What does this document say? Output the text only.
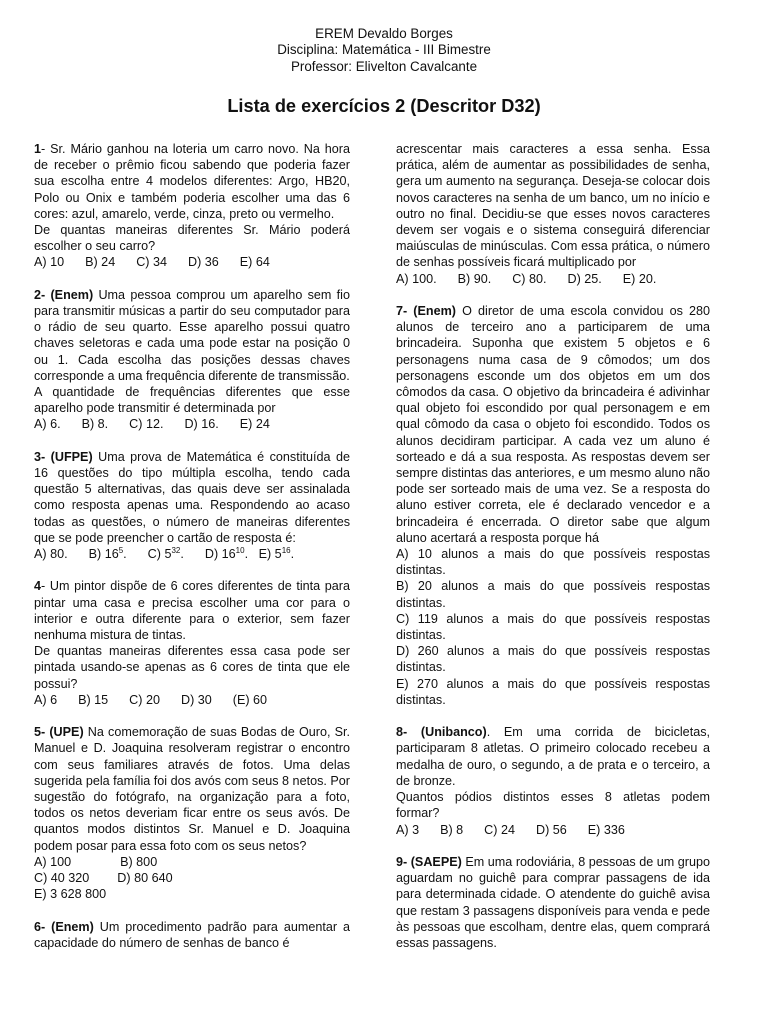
EREM Devaldo Borges
Disciplina: Matemática - III Bimestre
Professor: Elivelton Cavalcante
Lista de exercícios 2 (Descritor D32)

1- Sr. Mário ganhou na loteria um carro novo. Na hora de receber o prêmio ficou sabendo que poderia fazer sua escolha entre 4 modelos diferentes: Argo, HB20, Polo ou Onix e também poderia escolher uma das 6 cores: azul, amarelo, verde, cinza, preto ou vermelho.

De quantas maneiras diferentes Sr. Mário poderá escolher o seu carro?

A) 10      B) 24      C) 34      D) 36      E) 64

2- (Enem) Uma pessoa comprou um aparelho sem fio para transmitir músicas a partir do seu computador para o rádio de seu quarto. Esse aparelho possui quatro chaves seletoras e cada uma pode estar na posição 0 ou 1. Cada escolha das posições dessas chaves corresponde a uma frequência diferente de transmissão.

A quantidade de frequências diferentes que esse aparelho pode transmitir é determinada por

A) 6.      B) 8.      C) 12.      D) 16.      E) 24

3- (UFPE) Uma prova de Matemática é constituída de 16 questões do tipo múltipla escolha, tendo cada questão 5 alternativas, das quais deve ser assinalada como resposta apenas uma. Respondendo ao acaso todas as questões, o número de maneiras diferentes que se pode preencher o cartão de resposta é:

A) 80. B) $16^5$.      C) $5^{32}$.      D) $16^{10}$.   E) $5^{16}$.

4- Um pintor dispõe de 6 cores diferentes de tinta para pintar uma casa e precisa escolher uma cor para o interior e outra diferente para o exterior, sem fazer nenhuma mistura de tintas.

De quantas maneiras diferentes essa casa pode ser pintada usando-se apenas as 6 cores de tinta que ele possui?

A) 6      B) 15      C) 20      D) 30      (E) 60

5- (UPE) Na comemoração de suas Bodas de Ouro, Sr. Manuel e D. Joaquina resolveram registrar o encontro com seus familiares através de fotos. Uma delas sugerida pela família foi dos avós com seus 8 netos. Por sugestão do fotógrafo, na organização para a foto, todos os netos deveriam ficar entre os seus avós. De quantos modos distintos Sr. Manuel e D. Joaquina podem posar para essa foto com os seus netos?

A) 100              B) 800

C) 40 320        D) 80 640

E) 3 628 800

6- (Enem) Um procedimento padrão para aumentar a capacidade do número de senhas de banco é

acrescentar mais caracteres a essa senha. Essa prática, além de aumentar as possibilidades de senha, gera um aumento na segurança. Deseja-se colocar dois novos caracteres na senha de um banco, um no início e outro no final. Decidiu-se que esses novos caracteres devem ser vogais e o sistema conseguirá diferenciar maiúsculas de minúsculas. Com essa prática, o número de senhas possíveis ficará multiplicado por

A) 100.      B) 90.      C) 80.      D) 25.      E) 20.

7- (Enem) O diretor de uma escola convidou os 280 alunos de terceiro ano a participarem de uma brincadeira. Suponha que existem 5 objetos e 6 personagens numa casa de 9 cômodos; um dos personagens esconde um dos objetos em um dos cômodos da casa. O objetivo da brincadeira é adivinhar qual objeto foi escondido por qual personagem e em qual cômodo da casa o objeto foi escondido. Todos os alunos decidiram participar. A cada vez um aluno é sorteado e dá a sua resposta. As respostas devem ser sempre distintas das anteriores, e um mesmo aluno não pode ser sorteado mais de uma vez. Se a resposta do aluno estiver correta, ele é declarado vencedor e a brincadeira é encerrada. O diretor sabe que algum aluno acertará a resposta porque há

A) 10 alunos a mais do que possíveis respostas distintas.

B) 20 alunos a mais do que possíveis respostas distintas.

C) 119 alunos a mais do que possíveis respostas distintas.

D) 260 alunos a mais do que possíveis respostas distintas.

E) 270 alunos a mais do que possíveis respostas distintas.

8- (Unibanco). Em uma corrida de bicicletas, participaram 8 atletas. O primeiro colocado recebeu a medalha de ouro, o segundo, a de prata e o terceiro, a de bronze.

Quantos pódios distintos esses 8 atletas podem formar?

A) 3      B) 8      C) 24      D) 56      E) 336

9- (SAEPE) Em uma rodoviária, 8 pessoas de um grupo aguardam no guichê para comprar passagens de ida para determinada cidade. O atendente do guichê avisa que restam 3 passagens disponíveis para venda e pede às pessoas que escolham, dentre elas, quem comprará essas passagens.
